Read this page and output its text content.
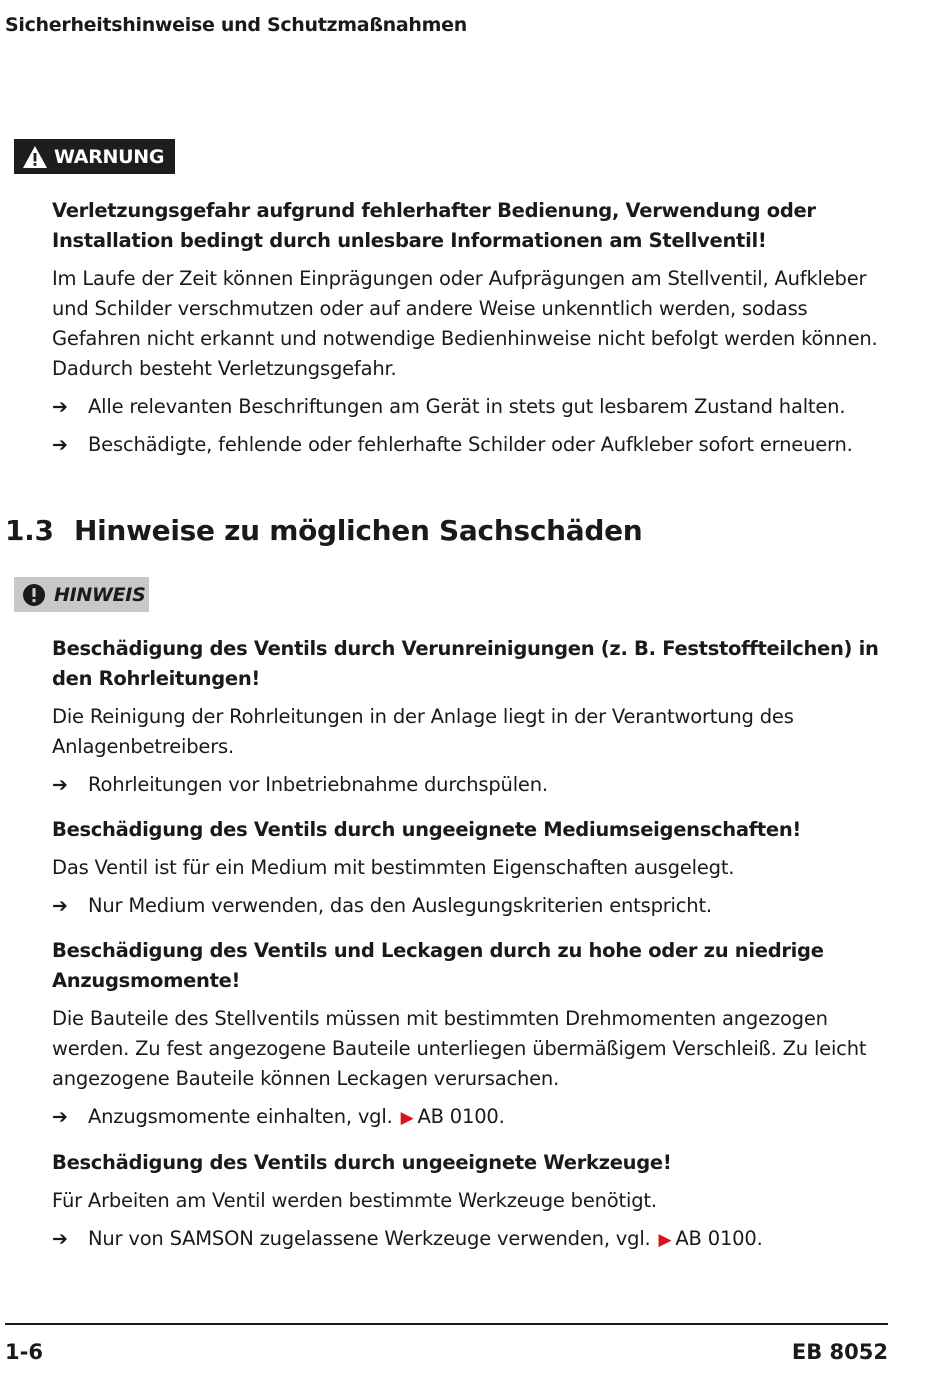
Sicherheitshinweise und Schutzmaßnahmen
WARNUNG
Verletzungsgefahr aufgrund fehlerhafter Bedienung, Verwendung oder Installation bedingt durch unlesbare Informationen am Stellventil!
Im Laufe der Zeit können Einprägungen oder Aufprägungen am Stellventil, Aufkleber und Schilder verschmutzen oder auf andere Weise unkenntlich werden, sodass Gefahren nicht erkannt und notwendige Bedienhinweise nicht befolgt werden können. Dadurch besteht Verletzungsgefahr.
➔ Alle relevanten Beschriftungen am Gerät in stets gut lesbarem Zustand halten.
➔ Beschädigte, fehlende oder fehlerhafte Schilder oder Aufkleber sofort erneuern.
1.3 Hinweise zu möglichen Sachschäden
HINWEIS
Beschädigung des Ventils durch Verunreinigungen (z. B. Feststoffteilchen) in den Rohrleitungen!
Die Reinigung der Rohrleitungen in der Anlage liegt in der Verantwortung des Anlagenbetreibers.
➔ Rohrleitungen vor Inbetriebnahme durchspülen.
Beschädigung des Ventils durch ungeeignete Mediumseigenschaften!
Das Ventil ist für ein Medium mit bestimmten Eigenschaften ausgelegt.
➔ Nur Medium verwenden, das den Auslegungskriterien entspricht.
Beschädigung des Ventils und Leckagen durch zu hohe oder zu niedrige Anzugsmomente!
Die Bauteile des Stellventils müssen mit bestimmten Drehmomenten angezogen werden. Zu fest angezogene Bauteile unterliegen übermäßigem Verschleiß. Zu leicht angezogene Bauteile können Leckagen verursachen.
➔ Anzugsmomente einhalten, vgl. ▶ AB 0100.
Beschädigung des Ventils durch ungeeignete Werkzeuge!
Für Arbeiten am Ventil werden bestimmte Werkzeuge benötigt.
➔ Nur von SAMSON zugelassene Werkzeuge verwenden, vgl. ▶ AB 0100.
1-6	EB 8052
